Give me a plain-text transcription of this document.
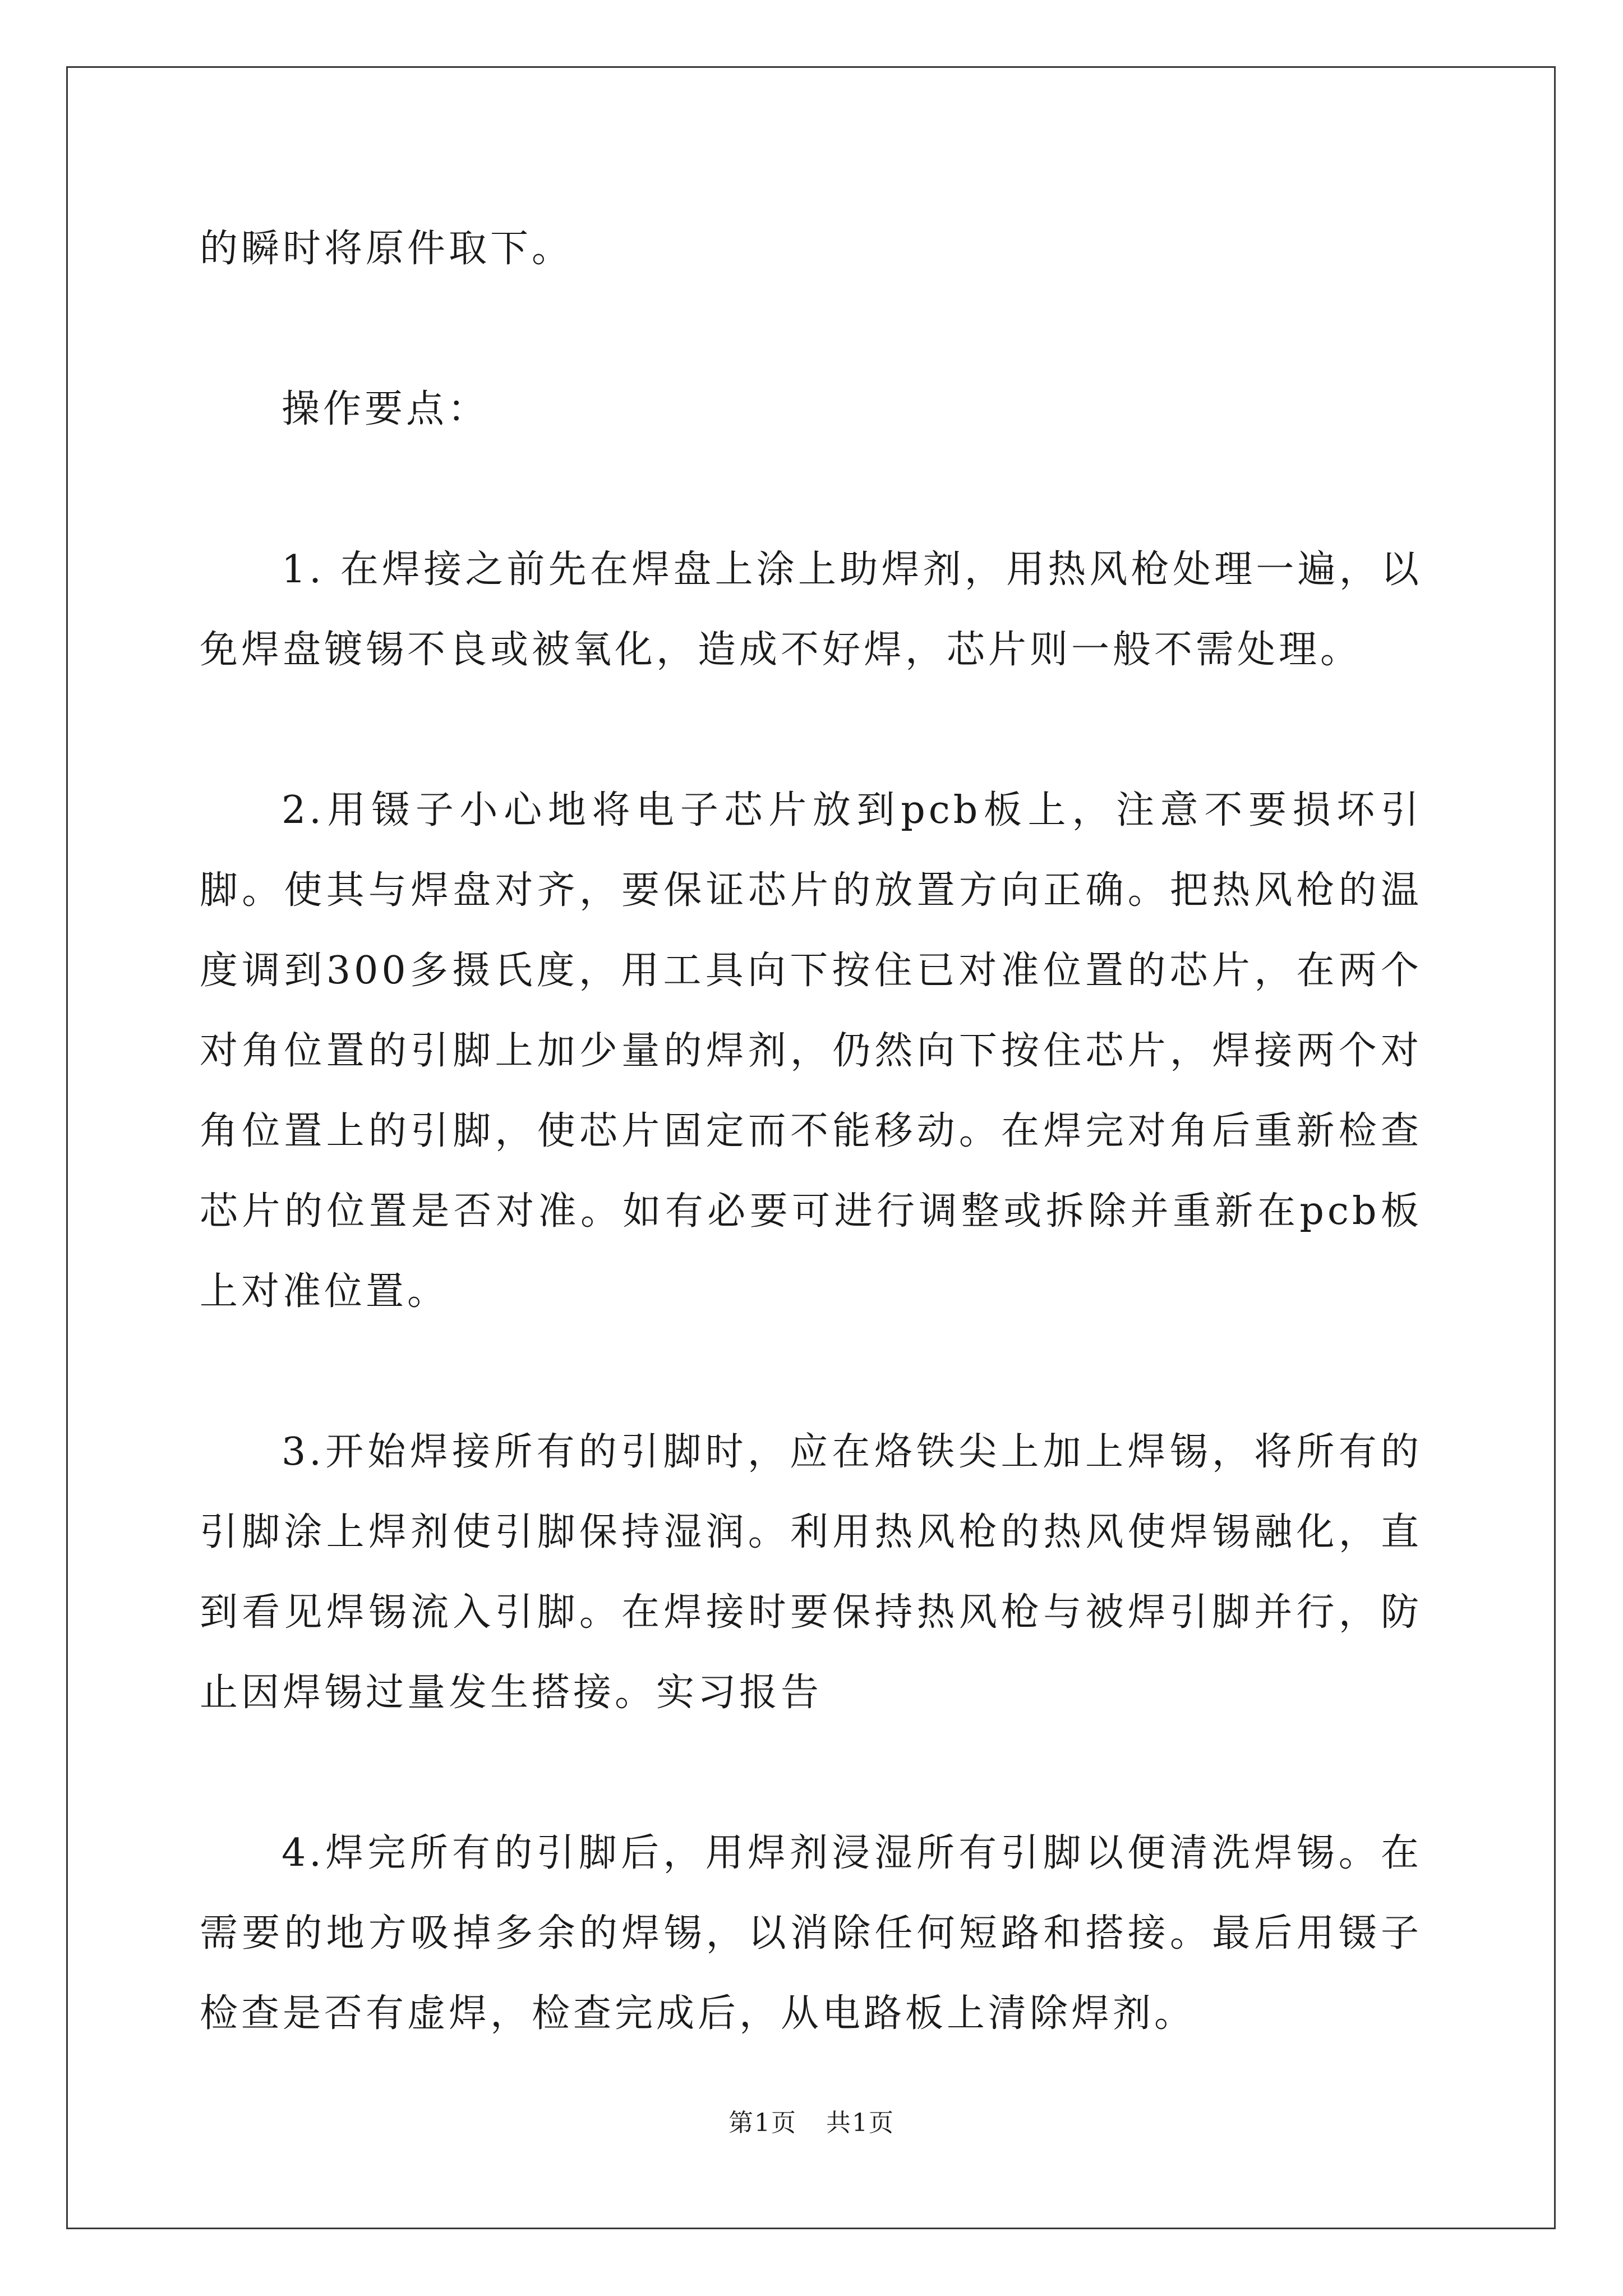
的瞬时将原件取下。

操作要点：

1. 在焊接之前先在焊盘上涂上助焊剂，用热风枪处理一遍，以免焊盘镀锡不良或被氧化，造成不好焊，芯片则一般不需处理。

2.用镊子小心地将电子芯片放到pcb板上，注意不要损坏引脚。使其与焊盘对齐，要保证芯片的放置方向正确。把热风枪的温度调到300多摄氏度，用工具向下按住已对准位置的芯片，在两个对角位置的引脚上加少量的焊剂，仍然向下按住芯片，焊接两个对角位置上的引脚，使芯片固定而不能移动。在焊完对角后重新检查芯片的位置是否对准。如有必要可进行调整或拆除并重新在pcb板上对准位置。

3.开始焊接所有的引脚时，应在烙铁尖上加上焊锡，将所有的引脚涂上焊剂使引脚保持湿润。利用热风枪的热风使焊锡融化，直到看见焊锡流入引脚。在焊接时要保持热风枪与被焊引脚并行，防止因焊锡过量发生搭接。实习报告

4.焊完所有的引脚后，用焊剂浸湿所有引脚以便清洗焊锡。在需要的地方吸掉多余的焊锡，以消除任何短路和搭接。最后用镊子检查是否有虚焊，检查完成后，从电路板上清除焊剂。

第1页 共1页
